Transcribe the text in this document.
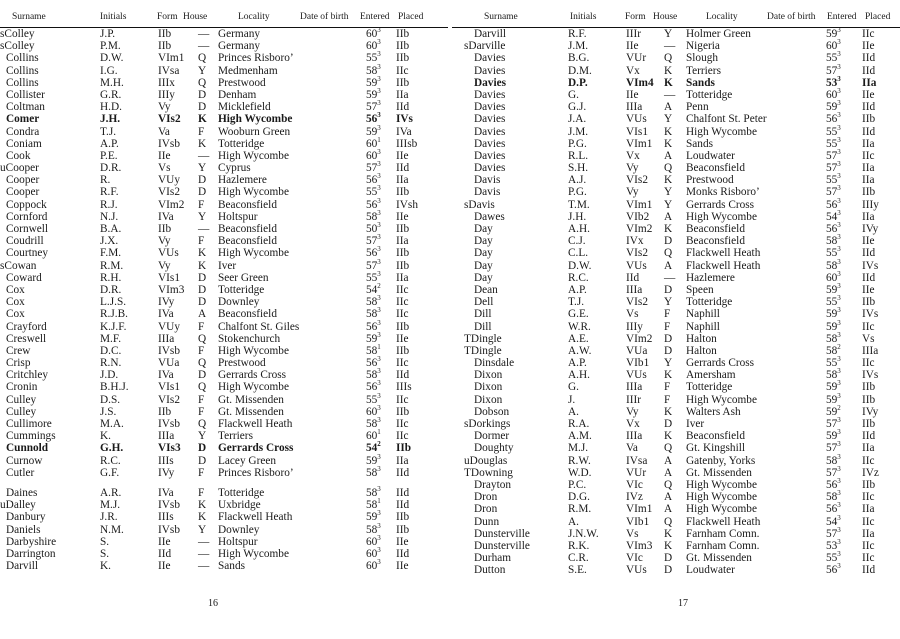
Surname	Initials	Form House	Locality	Date of birth Entered Placed
sColley	J.P.	IIb — Germany	$60^3$ IIb
sColley	P.M.	IIb — Germany	$60^3$ IIb
Collins	D.W.	VIm1 Q Princes Risboro’	$55^3$ IIb
Collins	I.G.	IVsa Y Medmenham	$58^3$ IIc
Collins	M.H.	IIIx Q Prestwood	$59^3$ IIb
Collister	G.R.	IIIy D Denham	$59^3$ IIa
Coltman	H.D.	Vy D Micklefield	$57^3$ IId
Comer	J.H.	VIs2 K High Wycombe	$56^3$ IVs
Condra	T.J.	Va F Wooburn Green	$59^3$ IVa
Coniam	A.P.	IVsb K Totteridge	$60^1$ IIIsb
Cook	P.E.	IIe — High Wycombe	$60^3$ IIe
uCooper	D.R.	Vs Y Cyprus	$57^3$ IId
Cooper	R.	VUy D Hazlemere	$56^3$ IIa
Cooper	R.F.	VIs2 D High Wycombe	$55^3$ IIb
Coppock	R.J.	VIm2 F Beaconsfield	$56^3$ IVsh
Cornford	N.J.	IVa Y Holtspur	$58^3$ IIe
Cornwell	B.A.	IIb — Beaconsfield	$50^3$ IIb
Coudrill	J.X.	Vy F Beaconsfield	$57^3$ IIa
Courtney	F.M.	VUs K High Wycombe	$56^3$ IIb
sCowan	R.M.	Vy K Iver	$57^3$ IIb
Coward	R.H.	VIs1 D Seer Green	$55^3$ IIa
Cox	D.R.	VIm3 D Totteridge	$54^2$ IIc
Cox	L.J.S.	IVy D Downley	$58^3$ IIc
Cox	R.J.B.	IVa A Beaconsfield	$58^3$ IIc
Crayford	K.J.F.	VUy F Chalfont St. Giles	$56^3$ IIb
Creswell	M.F.	IIIa Q Stokenchurch	$59^3$ IIe
Crew	D.C.	IVsb F High Wycombe	$58^1$ IIb
Crisp	R.N.	VUa Q Prestwood	$56^3$ IIc
Critchley	J.D.	IVa D Gerrards Cross	$58^3$ IId
Cronin	B.H.J.	VIs1 Q High Wycombe	$56^3$ IIIs
Culley	D.S.	VIs2 F Gt. Missenden	$55^3$ IIc
Culley	J.S.	IIb F Gt. Missenden	$60^3$ IIb
Cullimore	M.A.	IVsb Q Flackwell Heath	$58^3$ IIc
Cummings	K.	IIIa Y Terriers	$60^1$ IIc
Cunnold	G.H.	VIs3 D Gerrards Cross	$54^2$ IIb
Curnow	R.C.	IIIs D Lacey Green	$59^3$ IIa
Cutler	G.F.	IVy F Princes Risboro’	$58^3$ IId
Daines	A.R.	IVa F Totteridge	$58^3$ IId
uDalley	M.J.	IVsb K Uxbridge	$58^1$ IId
Danbury	J.R.	IIIs K Flackwell Heath	$59^3$ IIb
Daniels	N.M.	IVsb Y Downley	$58^3$ IIb
Darbyshire	S.	IIe — Holtspur	$60^3$ IIe
Darrington	S.	IId — High Wycombe	$60^3$ IId
Darvill	K.	IIe — Sands	$60^3$ IIe
16
Surname	Initials	Form House	Locality	Date of birth Entered Placed
Darvill	R.F.	IIIr Y Holmer Green	$59^3$ IIc
sDarville	J.M.	IIe — Nigeria	$60^3$ IIe
Davies	B.G.	VUr Q Slough	$55^3$ IId
Davies	D.M.	Vx K Terriers	$57^3$ IId
Davies	D.P.	VIm4 K Sands	$53^3$ IIa
Davies	G.	IIe — Totteridge	$60^3$ IIe
Davies	G.J.	IIIa A Penn	$59^3$ IId
Davies	J.A.	VUs Y Chalfont St. Peter	$56^3$ IIb
Davies	J.M.	VIs1 K High Wycombe	$55^3$ IId
Davies	P.G.	VIm1 K Sands	$55^3$ IIa
Davies	R.L.	Vx A Loudwater	$57^3$ IIc
Davies	S.H.	Vy Q Beaconsfield	$57^3$ IIa
Davis	A.J.	VIs2 K Prestwood	$55^3$ IIa
Davis	P.G.	Vy Y Monks Risboro’	$57^3$ IIb
sDavis	T.M.	VIm1 Y Gerrards Cross	$56^3$ IIIy
Dawes	J.H.	VIb2 A High Wycombe	$54^3$ IIa
Day	A.H.	VIm2 K Beaconsfield	$56^3$ IVy
Day	C.J.	IVx D Beaconsfield	$58^3$ IIe
Day	C.L.	VIs2 Q Flackwell Heath	$55^3$ IId
Day	D.W.	VUs A Flackwell Heath	$58^3$ IVs
Day	R.C.	IId — Hazlemere	$60^3$ IId
Dean	A.P.	IIIa D Speen	$59^3$ IIe
Dell	T.J.	VIs2 Y Totteridge	$55^3$ IIb
Dill	G.E.	Vs F Naphill	$59^3$ IVs
Dill	W.R.	IIIy F Naphill	$59^3$ IIc
TDingle	A.E.	VIm2 D Halton	$58^3$ Vs
TDingle	A.W.	VUa D Halton	$58^2$ IIIa
Dinsdale	A.P.	VIb1 Y Gerrards Cross	$55^3$ IIc
Dixon	A.H.	VUs K Amersham	$58^3$ IVs
Dixon	G.	IIIa F Totteridge	$59^3$ IIb
Dixon	J.	IIIr F High Wycombe	$59^3$ IIb
Dobson	A.	Vy K Walters Ash	$59^2$ IVy
sDorkings	R.A.	Vx D Iver	$57^3$ IIb
Dormer	A.M.	IIIa K Beaconsfield	$59^3$ IId
Doughty	M.J.	Va Q Gt. Kingshill	$57^3$ IIa
uDouglas	R.W.	IVsa A Gatenby, Yorks	$58^3$ IIc
TDowning	W.D.	VUr A Gt. Missenden	$57^3$ IVz
Drayton	P.C.	VIc Q High Wycombe	$56^3$ IIb
Dron	D.G.	IVz A High Wycombe	$58^3$ IIc
Dron	R.M.	VIm1 A High Wycombe	$56^3$ IIa
Dunn	A.	VIb1 Q Flackwell Heath	$54^3$ IIc
Dunsterville	J.N.W. Vs K Farnham Comn.	$57^3$ IIa
Dunsterville	R.K.	VIm3 K Farnham Comn.	$53^3$ IIc
Durham	C.R.	VIc D Gt. Missenden	$55^3$ IIc
Dutton	S.E.	VUs D Loudwater	$56^3$ IId
17
